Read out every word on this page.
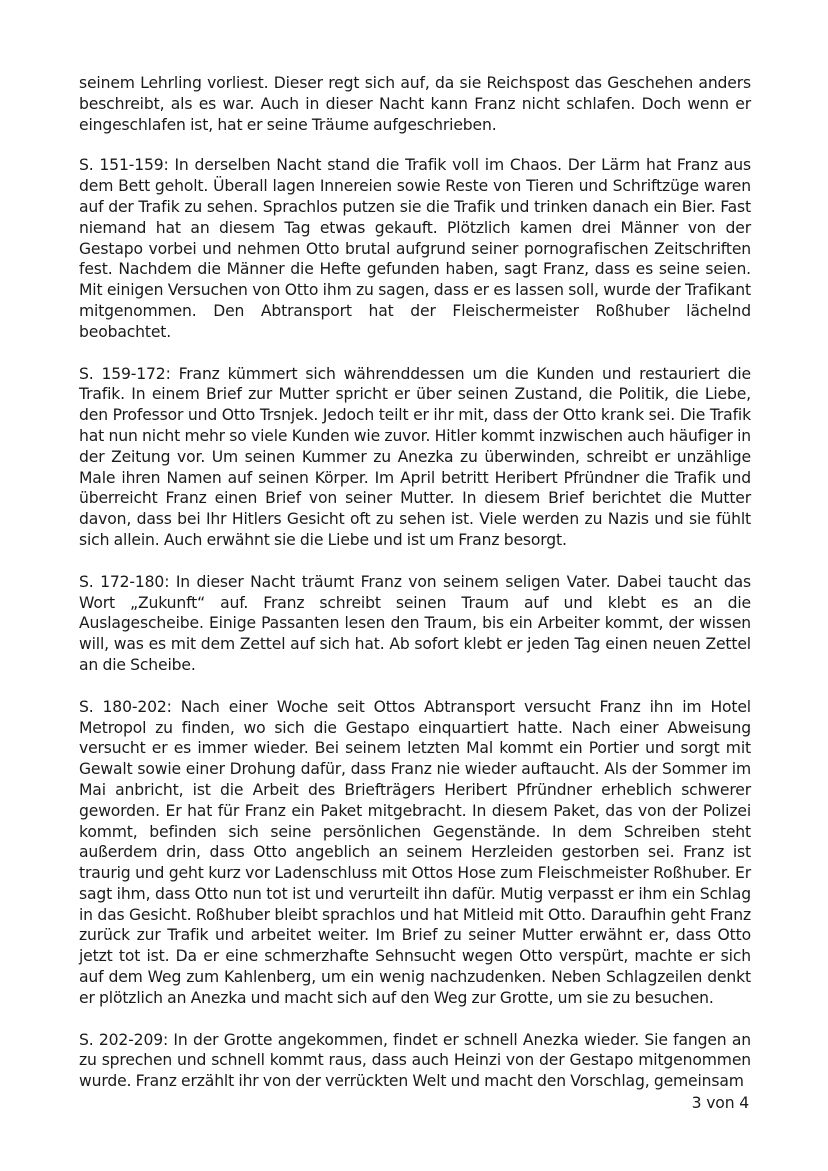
seinem Lehrling vorliest. Dieser regt sich auf, da sie Reichspost das Geschehen anders beschreibt, als es war. Auch in dieser Nacht kann Franz nicht schlafen. Doch wenn er eingeschlafen ist, hat er seine Träume aufgeschrieben.

S. 151-159: In derselben Nacht stand die Trafik voll im Chaos. Der Lärm hat Franz aus dem Bett geholt. Überall lagen Innereien sowie Reste von Tieren und Schriftzüge waren auf der Trafik zu sehen. Sprachlos putzen sie die Trafik und trinken danach ein Bier. Fast niemand hat an diesem Tag etwas gekauft. Plötzlich kamen drei Männer von der Gestapo vorbei und nehmen Otto brutal aufgrund seiner pornografischen Zeitschriften fest. Nachdem die Männer die Hefte gefunden haben, sagt Franz, dass es seine seien. Mit einigen Versuchen von Otto ihm zu sagen, dass er es lassen soll, wurde der Trafikant mitgenommen. Den Abtransport hat der Fleischermeister Roßhuber lächelnd beobachtet.

S. 159-172: Franz kümmert sich währenddessen um die Kunden und restauriert die Trafik. In einem Brief zur Mutter spricht er über seinen Zustand, die Politik, die Liebe, den Professor und Otto Trsnjek. Jedoch teilt er ihr mit, dass der Otto krank sei. Die Trafik hat nun nicht mehr so viele Kunden wie zuvor. Hitler kommt inzwischen auch häufiger in der Zeitung vor. Um seinen Kummer zu Anezka zu überwinden, schreibt er unzählige Male ihren Namen auf seinen Körper. Im April betritt Heribert Pfründner die Trafik und überreicht Franz einen Brief von seiner Mutter. In diesem Brief berichtet die Mutter davon, dass bei Ihr Hitlers Gesicht oft zu sehen ist. Viele werden zu Nazis und sie fühlt sich allein. Auch erwähnt sie die Liebe und ist um Franz besorgt.

S. 172-180: In dieser Nacht träumt Franz von seinem seligen Vater. Dabei taucht das Wort „Zukunft“ auf. Franz schreibt seinen Traum auf und klebt es an die Auslagescheibe. Einige Passanten lesen den Traum, bis ein Arbeiter kommt, der wissen will, was es mit dem Zettel auf sich hat. Ab sofort klebt er jeden Tag einen neuen Zettel an die Scheibe.

S. 180-202: Nach einer Woche seit Ottos Abtransport versucht Franz ihn im Hotel Metropol zu finden, wo sich die Gestapo einquartiert hatte. Nach einer Abweisung versucht er es immer wieder. Bei seinem letzten Mal kommt ein Portier und sorgt mit Gewalt sowie einer Drohung dafür, dass Franz nie wieder auftaucht. Als der Sommer im Mai anbricht, ist die Arbeit des Briefträgers Heribert Pfründner erheblich schwerer geworden. Er hat für Franz ein Paket mitgebracht. In diesem Paket, das von der Polizei kommt, befinden sich seine persönlichen Gegenstände. In dem Schreiben steht außerdem drin, dass Otto angeblich an seinem Herzleiden gestorben sei. Franz ist traurig und geht kurz vor Ladenschluss mit Ottos Hose zum Fleischmeister Roßhuber. Er sagt ihm, dass Otto nun tot ist und verurteilt ihn dafür. Mutig verpasst er ihm ein Schlag in das Gesicht. Roßhuber bleibt sprachlos und hat Mitleid mit Otto. Daraufhin geht Franz zurück zur Trafik und arbeitet weiter. Im Brief zu seiner Mutter erwähnt er, dass Otto jetzt tot ist. Da er eine schmerzhafte Sehnsucht wegen Otto verspürt, machte er sich auf dem Weg zum Kahlenberg, um ein wenig nachzudenken. Neben Schlagzeilen denkt er plötzlich an Anezka und macht sich auf den Weg zur Grotte, um sie zu besuchen.

S. 202-209: In der Grotte angekommen, findet er schnell Anezka wieder. Sie fangen an zu sprechen und schnell kommt raus, dass auch Heinzi von der Gestapo mitgenommen wurde. Franz erzählt ihr von der verrückten Welt und macht den Vorschlag, gemeinsam

3 von 4
